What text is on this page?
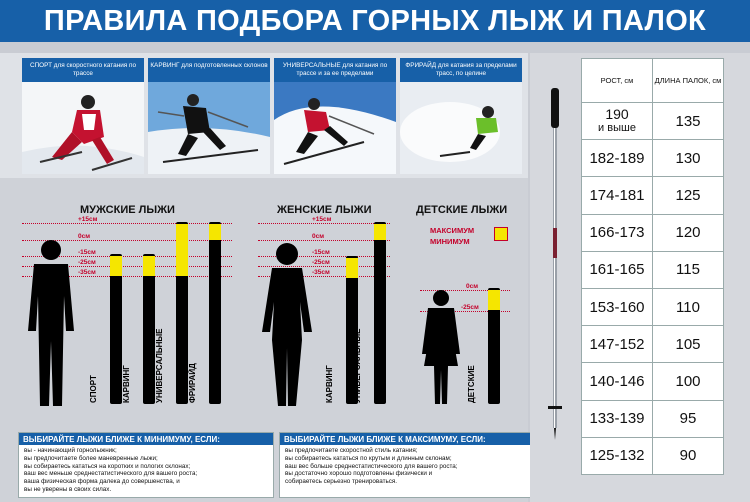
ПРАВИЛА ПОДБОРА ГОРНЫХ ЛЫЖ И ПАЛОК
СПОРТ для скоростного катания по трассе
КАРВИНГ для подготовленных склонов	УНИВЕРСАЛЬНЫЕ для катания по трассе и за ее пределами
ФРИРАЙД для катания за пределами трасс, по целине
МУЖСКИЕ ЛЫЖИ	ЖЕНСКИЕ ЛЫЖИ	ДЕТСКИЕ ЛЫЖИ
+15см
0см
-15см
-25см
-35см
СПОРТ	КАРВИНГ	УНИВЕРСАЛЬНЫЕ	ФРИРАЙД
+15см
0см
-15см
-25см
-35см
КАРВИНГ УНИВЕРСАЛЬНЫЕ
МАКСИМУМ
МИНИМУМ
0см
-25см
ДЕТСКИЕ
ВЫБИРАЙТЕ ЛЫЖИ БЛИЖЕ К МИНИМУМУ, ЕСЛИ:
вы - начинающий горнолыжник;
вы предпочитаете более маневренные лыжи;
вы собираетесь кататься на коротких и пологих склонах;
ваш вес меньше среднестатистического для вашего роста;
ваша физическая форма далека до совершенства, и
вы не уверены в своих силах.
ВЫБИРАЙТЕ ЛЫЖИ БЛИЖЕ К МАКСИМУМУ, ЕСЛИ:
вы предпочитаете скоростной стиль катания;
вы собираетесь кататься по крутым и длинным склонам;
ваш вес больше среднестатистического для вашего роста;
вы достаточно хорошо подготовлены физически и
собираетесь серьезно тренироваться.
РОСТ, см	ДЛИНА ПАЛОК, см
190
и выше	135
182-189	130
174-181	125
166-173	120
161-165	115
153-160	110
147-152	105
140-146	100
133-139	95
125-132	90
